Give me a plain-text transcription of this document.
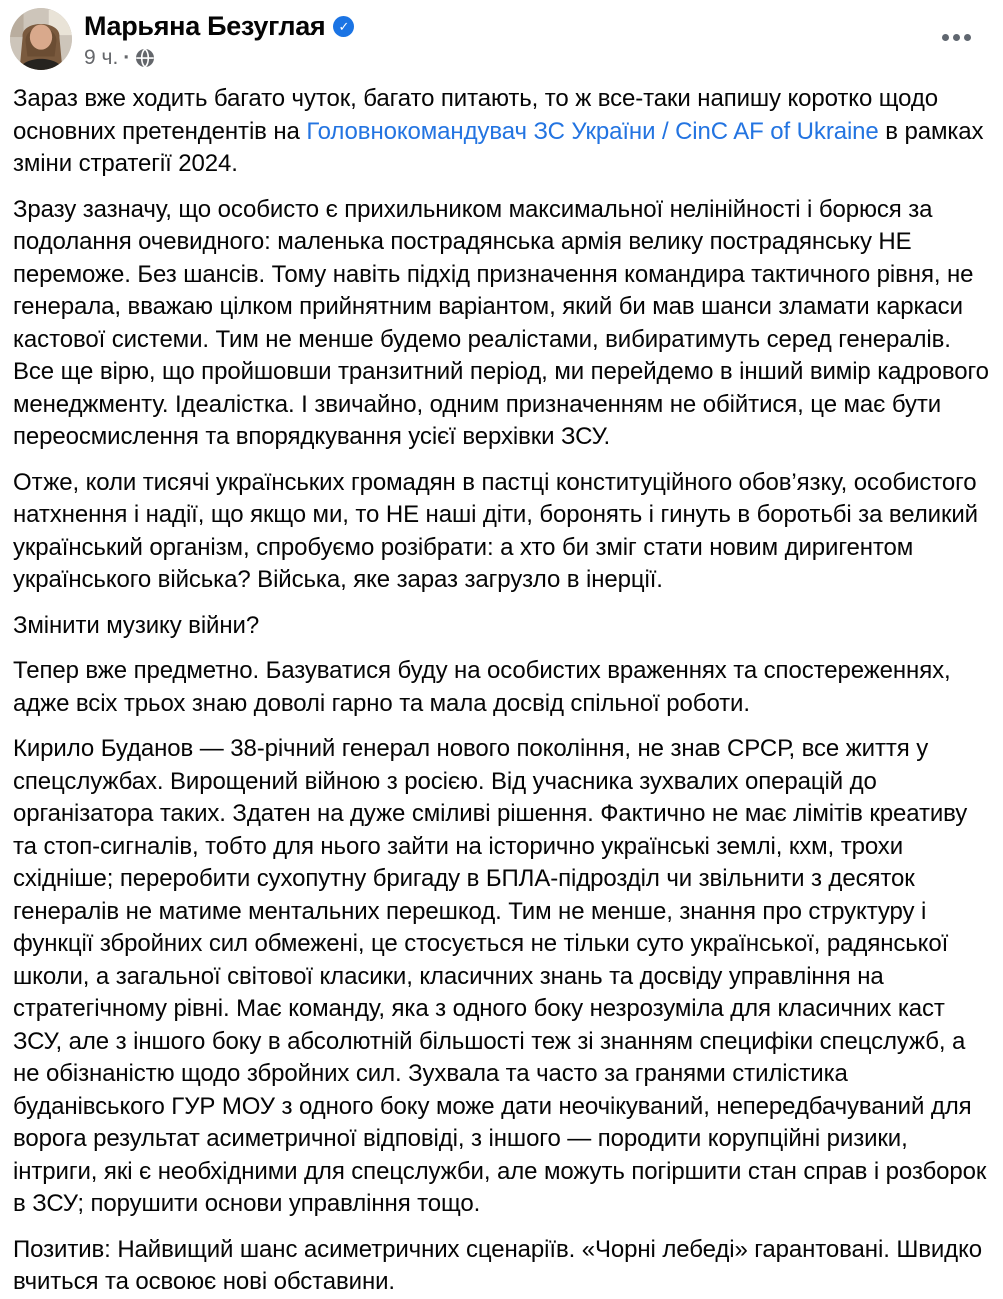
Марьяна Безуглая	✓
9 ч. ·

Зараз вже ходить багато чуток, багато питають, то ж все-таки напишу коротко щодо основних претендентів на Головнокомандувач ЗС України / CinC AF of Ukraine в рамках зміни стратегії 2024.

Зразу зазначу, що особисто є прихильником максимальної нелінійності і борюся за подолання очевидного: маленька пострадянська армія велику пострадянську НЕ переможе. Без шансів. Тому навіть підхід призначення командира тактичного рівня, не генерала, вважаю цілком прийнятним варіантом, який би мав шанси зламати каркаси кастової системи. Тим не менше будемо реалістами, вибиратимуть серед генералів. Все ще вірю, що пройшовши транзитний період, ми перейдемо в інший вимір кадрового менеджменту. Ідеалістка. І звичайно, одним призначенням не обійтися, це має бути переосмислення та впорядкування усієї верхівки ЗСУ.

Отже, коли тисячі українських громадян в пастці конституційного обов’язку, особистого натхнення і надії, що якщо ми, то НЕ наші діти, боронять і гинуть в боротьбі за великий український організм, спробуємо розібрати: а хто би зміг стати новим диригентом українського війська? Війська, яке зараз загрузло в інерції.

Змінити музику війни?

Тепер вже предметно. Базуватися буду на особистих враженнях та спостереженнях, адже всіх трьох знаю доволі гарно та мала досвід спільної роботи.

Кирило Буданов — 38-річний генерал нового покоління, не знав СРСР, все життя у спецслужбах. Вирощений війною з росією. Від учасника зухвалих операцій до організатора таких. Здатен на дуже сміливі рішення. Фактично не має лімітів креативу та стоп-сигналів, тобто для нього зайти на історично українські землі, кхм, трохи східніше; переробити сухопутну бригаду в БПЛА-підрозділ чи звільнити з десяток генералів не матиме ментальних перешкод. Тим не менше, знання про структуру і функції збройних сил обмежені, це стосується не тільки суто української, радянської школи, а загальної світової класики, класичних знань та досвіду управління на стратегічному рівні. Має команду, яка з одного боку незрозуміла для класичних каст ЗСУ, але з іншого боку в абсолютній більшості теж зі знанням специфіки спецслужб, а не обізнаністю щодо збройних сил. Зухвала та часто за гранями стилістика буданівського ГУР МОУ з одного боку може дати неочікуваний, непередбачуваний для ворога результат асиметричної відповіді, з іншого — породити корупційні ризики, інтриги, які є необхідними для спецслужби, але можуть погіршити стан справ і розборок в ЗСУ; порушити основи управління тощо.

Позитив: Найвищий шанс асиметричних сценаріїв. «Чорні лебеді» гарантовані. Швидко вчиться та освоює нові обставини.
